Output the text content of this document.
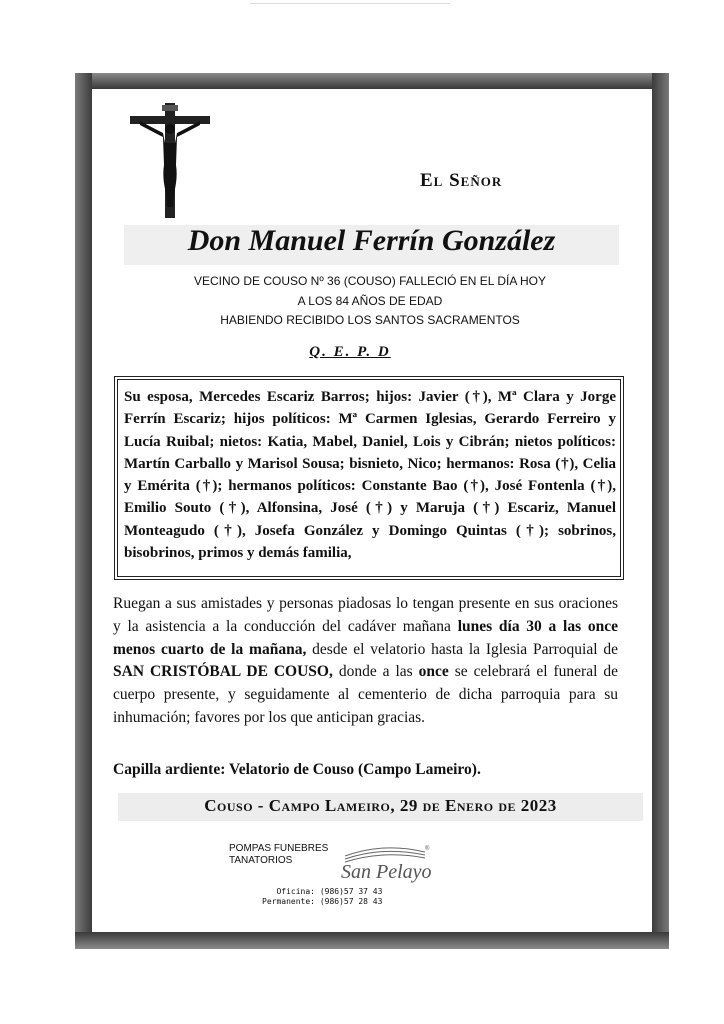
El Señor
Don Manuel Ferrín González
VECINO DE COUSO Nº 36 (COUSO) FALLECIÓ EN EL DÍA HOY
A LOS 84 AÑOS DE EDAD
HABIENDO RECIBIDO LOS SANTOS SACRAMENTOS
Q. E. P. D
Su esposa, Mercedes Escariz Barros; hijos: Javier (†), Mª Clara y Jorge Ferrín Escariz; hijos políticos: Mª Carmen Iglesias, Gerardo Ferreiro y Lucía Ruibal; nietos: Katia, Mabel, Daniel, Lois y Cibrán; nietos políticos: Martín Carballo y Marisol Sousa; bisnieto, Nico; hermanos: Rosa (†), Celia y Emérita (†); hermanos políticos: Constante Bao (†), José Fontenla (†), Emilio Souto (†), Alfonsina, José (†) y Maruja (†) Escariz, Manuel Monteagudo (†), Josefa González y Domingo Quintas (†); sobrinos, bisobrinos, primos y demás familia,
Ruegan a sus amistades y personas piadosas lo tengan presente en sus oraciones y la asistencia a la conducción del cadáver mañana lunes día 30 a las once menos cuarto de la mañana, desde el velatorio hasta la Iglesia Parroquial de SAN CRISTÓBAL DE COUSO, donde a las once se celebrará el funeral de cuerpo presente, y seguidamente al cementerio de dicha parroquia para su inhumación; favores por los que anticipan gracias.
Capilla ardiente: Velatorio de Couso (Campo Lameiro).
Couso - Campo Lameiro, 29 de Enero de 2023
POMPAS FUNEBRES
TANATORIOS
San Pelayo
®
Oficina: (986)57 37 43
Permanente: (986)57 28 43
